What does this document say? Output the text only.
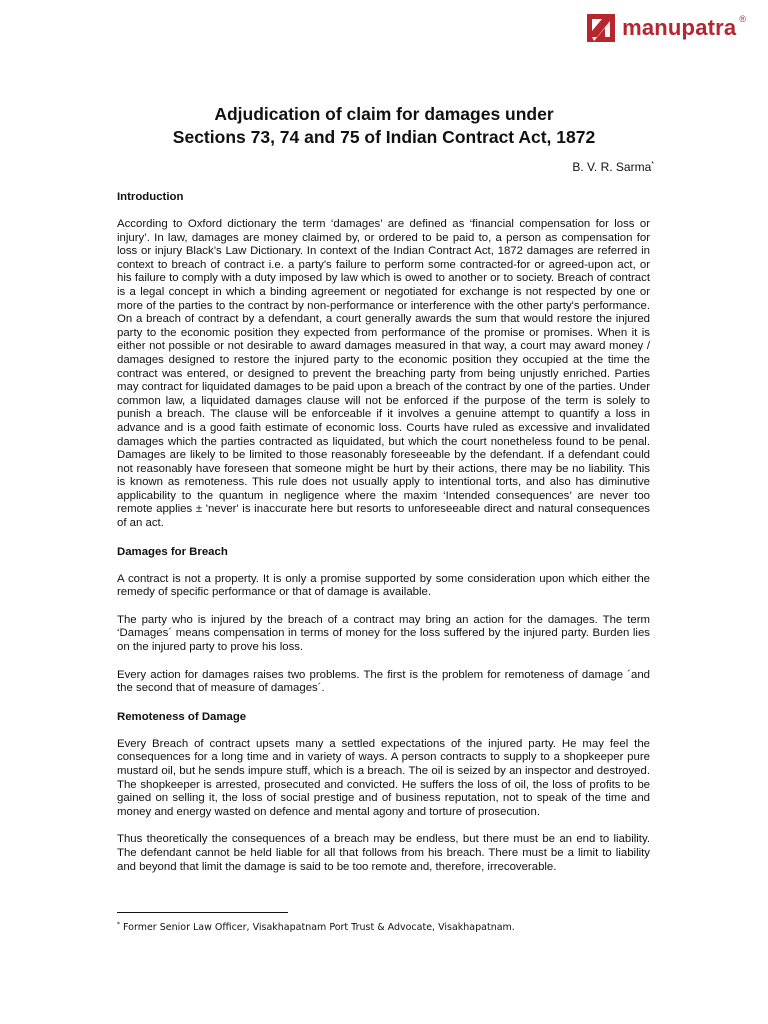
manupatra ®
Adjudication of claim for damages under
Sections 73, 74 and 75 of Indian Contract Act, 1872
B. V. R. Sarma*
Introduction

According to Oxford dictionary the term ‘damages’ are defined as ‘financial compensation for loss or injury’. In law, damages are money claimed by, or ordered to be paid to, a person as compensation for loss or injury Black’s Law Dictionary. In context of the Indian Contract Act, 1872 damages are referred in context to breach of contract i.e. a party's failure to perform some contracted-for or agreed-upon act, or his failure to comply with a duty imposed by law which is owed to another or to society. Breach of contract is a legal concept in which a binding agreement or negotiated for exchange is not respected by one or more of the parties to the contract by non-performance or interference with the other party's performance. On a breach of contract by a defendant, a court generally awards the sum that would restore the injured party to the economic position they expected from performance of the promise or promises. When it is either not possible or not desirable to award damages measured in that way, a court may award money / damages designed to restore the injured party to the economic position they occupied at the time the contract was entered, or designed to prevent the breaching party from being unjustly enriched. Parties may contract for liquidated damages to be paid upon a breach of the contract by one of the parties. Under common law, a liquidated damages clause will not be enforced if the purpose of the term is solely to punish a breach. The clause will be enforceable if it involves a genuine attempt to quantify a loss in advance and is a good faith estimate of economic loss. Courts have ruled as excessive and invalidated damages which the parties contracted as liquidated, but which the court nonetheless found to be penal. Damages are likely to be limited to those reasonably foreseeable by the defendant. If a defendant could not reasonably have foreseen that someone might be hurt by their actions, there may be no liability. This is known as remoteness. This rule does not usually apply to intentional torts, and also has diminutive applicability to the quantum in negligence where the maxim ‘Intended consequences’ are never too remote applies ± 'never' is inaccurate here but resorts to unforeseeable direct and natural consequences of an act.

Damages for Breach

A contract is not a property. It is only a promise supported by some consideration upon which either the remedy of specific performance or that of damage is available.

The party who is injured by the breach of a contract may bring an action for the damages. The term ‘Damages´ means compensation in terms of money for the loss suffered by the injured party. Burden lies on the injured party to prove his loss.

Every action for damages raises two problems. The first is the problem for remoteness of damage ´and the second that of measure of damages´.

Remoteness of Damage

Every Breach of contract upsets many a settled expectations of the injured party. He may feel the consequences for a long time and in variety of ways. A person contracts to supply to a shopkeeper pure mustard oil, but he sends impure stuff, which is a breach. The oil is seized by an inspector and destroyed. The shopkeeper is arrested, prosecuted and convicted. He suffers the loss of oil, the loss of profits to be gained on selling it, the loss of social prestige and of business reputation, not to speak of the time and money and energy wasted on defence and mental agony and torture of prosecution.

Thus theoretically the consequences of a breach may be endless, but there must be an end to liability. The defendant cannot be held liable for all that follows from his breach. There must be a limit to liability and beyond that limit the damage is said to be too remote and, therefore, irrecoverable.

* Former Senior Law Officer, Visakhapatnam Port Trust & Advocate, Visakhapatnam.
